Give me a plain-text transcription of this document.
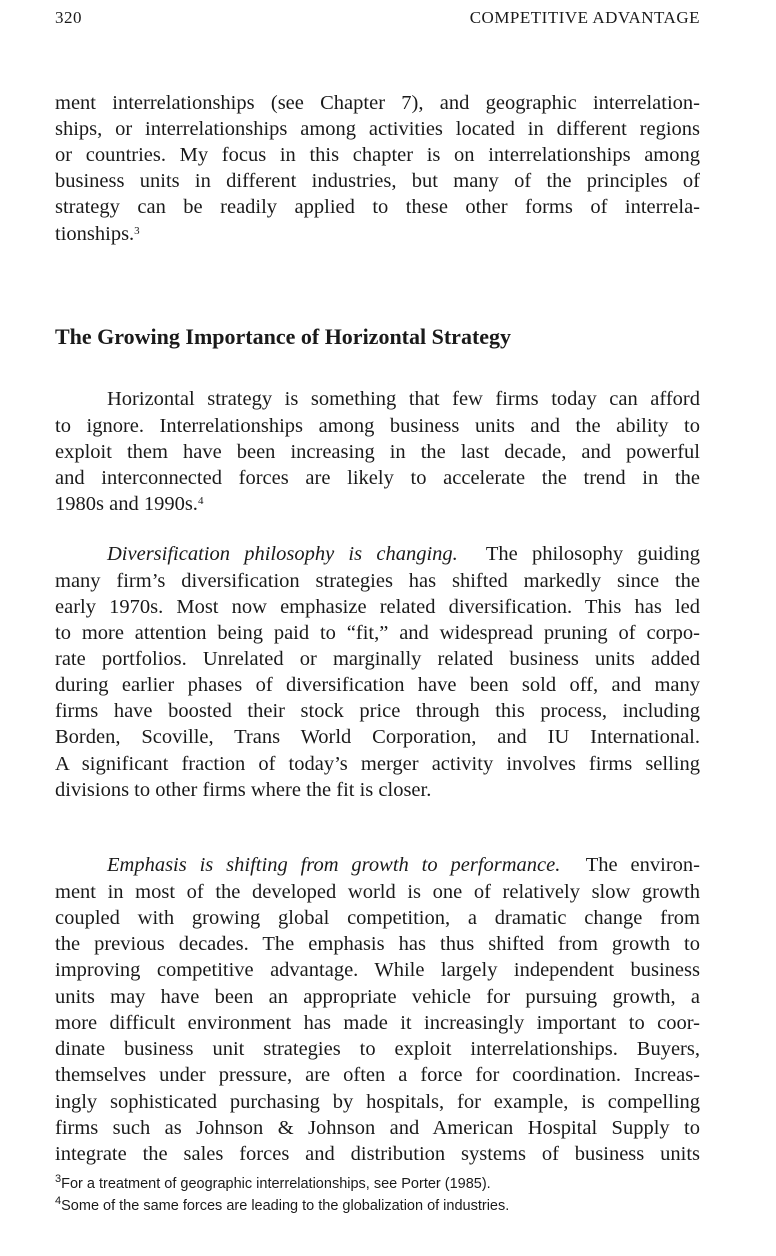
320	COMPETITIVE ADVANTAGE
The Growing Importance of Horizontal Strategy
ment interrelationships (see Chapter 7), and geographic interrelation-
ships, or interrelationships among activities located in different regions
or countries. My focus in this chapter is on interrelationships among
business units in different industries, but many of the principles of
strategy can be readily applied to these other forms of interrela-
tionships.$^3$
Horizontal strategy is something that few firms today can afford
to ignore. Interrelationships among business units and the ability to
exploit them have been increasing in the last decade, and powerful
and interconnected forces are likely to accelerate the trend in the
1980s and 1990s.$^4$
Diversification philosophy is changing.  The philosophy guiding
many firm’s diversification strategies has shifted markedly since the
early 1970s. Most now emphasize related diversification. This has led
to more attention being paid to “fit,” and widespread pruning of corpo-
rate portfolios. Unrelated or marginally related business units added
during earlier phases of diversification have been sold off, and many
firms have boosted their stock price through this process, including
Borden, Scoville, Trans World Corporation, and IU International.
A significant fraction of today’s merger activity involves firms selling
divisions to other firms where the fit is closer.
Emphasis is shifting from growth to performance.  The environ-
ment in most of the developed world is one of relatively slow growth
coupled with growing global competition, a dramatic change from
the previous decades. The emphasis has thus shifted from growth to
improving competitive advantage. While largely independent business
units may have been an appropriate vehicle for pursuing growth, a
more difficult environment has made it increasingly important to coor-
dinate business unit strategies to exploit interrelationships. Buyers,
themselves under pressure, are often a force for coordination. Increas-
ingly sophisticated purchasing by hospitals, for example, is compelling
firms such as Johnson & Johnson and American Hospital Supply to
integrate the sales forces and distribution systems of business units
$^3$For a treatment of geographic interrelationships, see Porter (1985).
$^4$Some of the same forces are leading to the globalization of industries.
